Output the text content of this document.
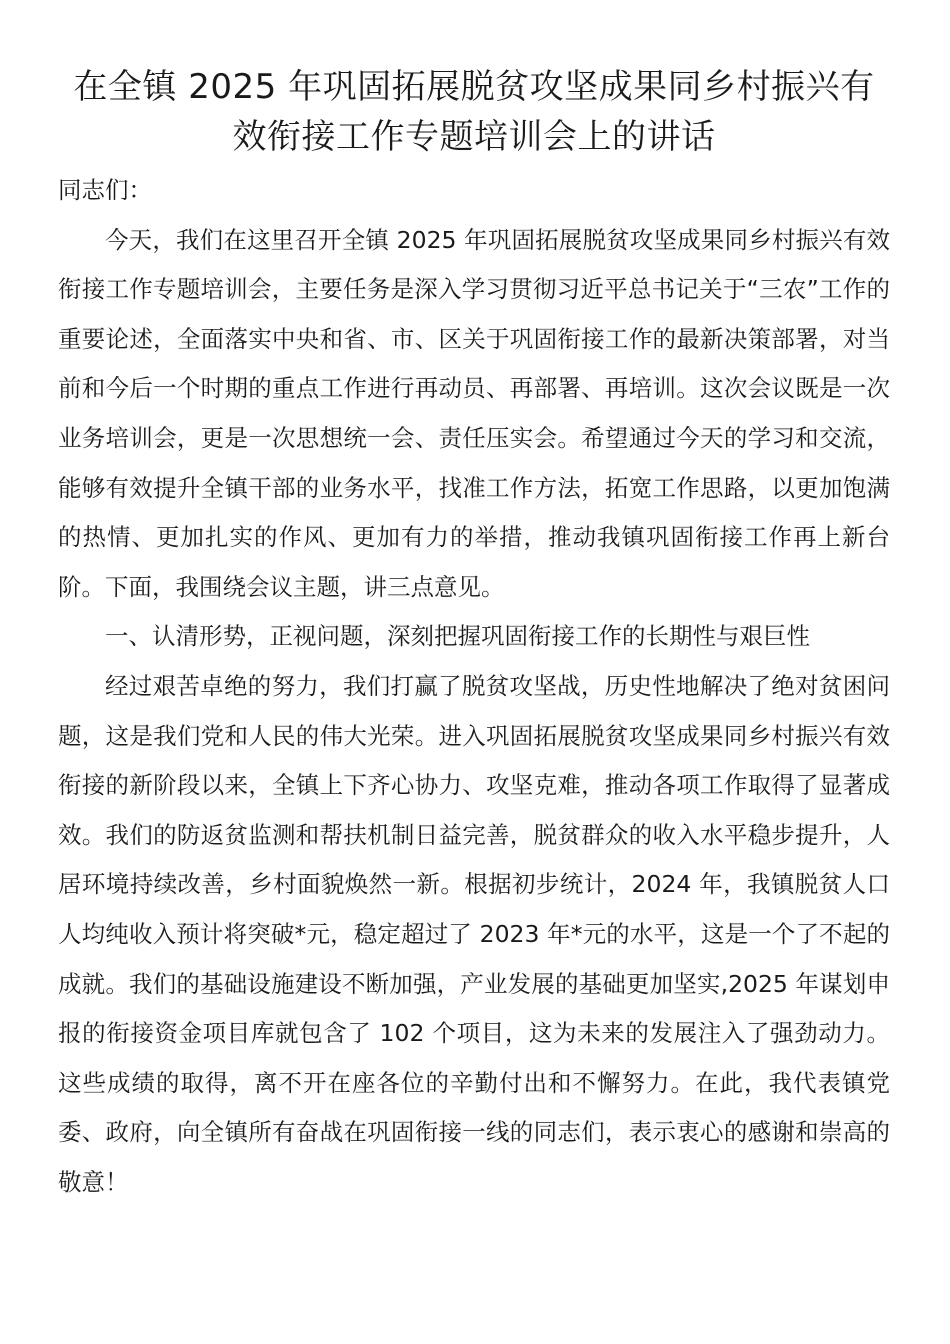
在全镇 2025 年巩固拓展脱贫攻坚成果同乡村振兴有
效衔接工作专题培训会上的讲话

同志们：

今天，我们在这里召开全镇 2025 年巩固拓展脱贫攻坚成果同乡村振兴有效衔接工作专题培训会，主要任务是深入学习贯彻习近平总书记关于“三农”工作的重要论述，全面落实中央和省、市、区关于巩固衔接工作的最新决策部署，对当前和今后一个时期的重点工作进行再动员、再部署、再培训。这次会议既是一次业务培训会，更是一次思想统一会、责任压实会。希望通过今天的学习和交流，能够有效提升全镇干部的业务水平，找准工作方法，拓宽工作思路，以更加饱满的热情、更加扎实的作风、更加有力的举措，推动我镇巩固衔接工作再上新台阶。下面，我围绕会议主题，讲三点意见。

一、认清形势，正视问题，深刻把握巩固衔接工作的长期性与艰巨性

经过艰苦卓绝的努力，我们打赢了脱贫攻坚战，历史性地解决了绝对贫困问题，这是我们党和人民的伟大光荣。进入巩固拓展脱贫攻坚成果同乡村振兴有效衔接的新阶段以来，全镇上下齐心协力、攻坚克难，推动各项工作取得了显著成效。我们的防返贫监测和帮扶机制日益完善，脱贫群众的收入水平稳步提升，人居环境持续改善，乡村面貌焕然一新。根据初步统计，2024 年，我镇脱贫人口人均纯收入预计将突破*元，稳定超过了 2023 年*元的水平，这是一个了不起的成就。我们的基础设施建设不断加强，产业发展的基础更加坚实,2025 年谋划申报的衔接资金项目库就包含了 102 个项目，这为未来的发展注入了强劲动力。这些成绩的取得，离不开在座各位的辛勤付出和不懈努力。在此，我代表镇党委、政府，向全镇所有奋战在巩固衔接一线的同志们，表示衷心的感谢和崇高的敬意！
